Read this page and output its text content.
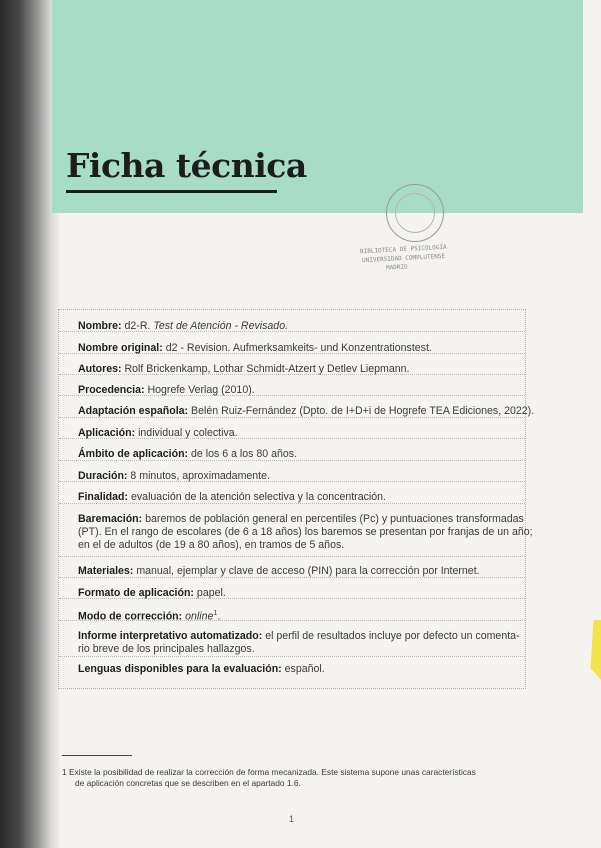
Ficha técnica
BIBLIOTECA DE PSICOLOGÍA
UNIVERSIDAD COMPLUTENSE
MADRID
Nombre: d2-R. Test de Atención - Revisado.
Nombre original: d2 - Revision. Aufmerksamkeits- und Konzentrationstest.
Autores: Rolf Brickenkamp, Lothar Schmidt-Atzert y Detlev Liepmann.
Procedencia: Hogrefe Verlag (2010).
Adaptación española: Belén Ruiz-Fernández (Dpto. de I+D+i de Hogrefe TEA Ediciones, 2022).
Aplicación: individual y colectiva.
Ámbito de aplicación: de los 6 a los 80 años.
Duración: 8 minutos, aproximadamente.
Finalidad: evaluación de la atención selectiva y la concentración.
Baremación: baremos de población general en percentiles (Pc) y puntuaciones transformadas
(PT). En el rango de escolares (de 6 a 18 años) los baremos se presentan por franjas de un año;
en el de adultos (de 19 a 80 años), en tramos de 5 años.
Materiales: manual, ejemplar y clave de acceso (PIN) para la corrección por Internet.
Formato de aplicación: papel.
Modo de corrección: online$^1$.
Informe interpretativo automatizado: el perfil de resultados incluye por defecto un comenta-
rio breve de los principales hallazgos.
Lenguas disponibles para la evaluación: español.
1 Existe la posibilidad de realizar la corrección de forma mecanizada. Este sistema supone unas características
de aplicación concretas que se describen en el apartado 1.6.
1
